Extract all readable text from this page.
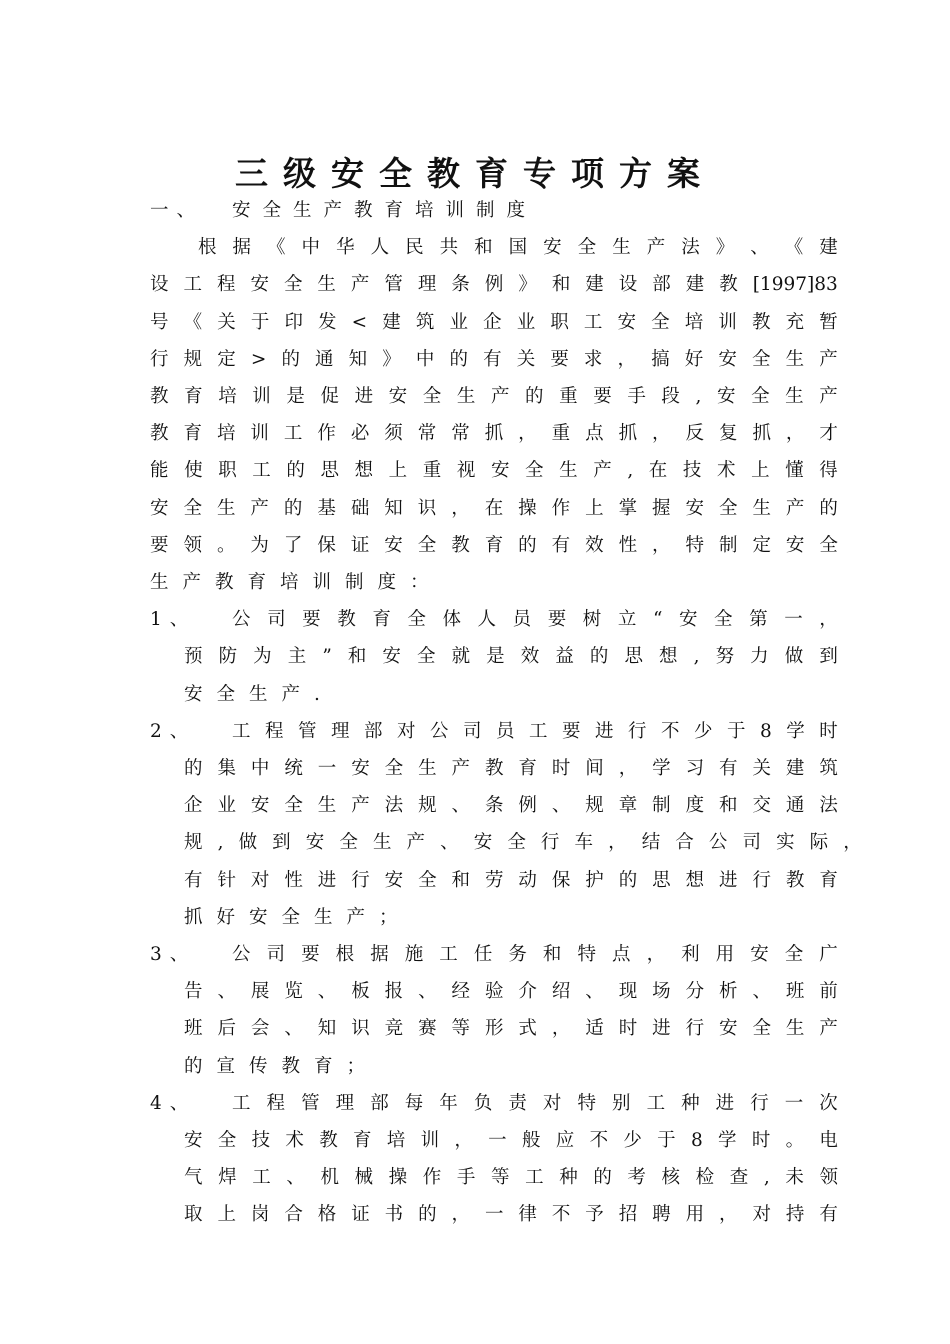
三级安全教育专项方案
一、 安全生产教育培训制度
根 据 《 中 华 人 民 共 和 国 安 全 生 产 法 》 、 《 建
设 工 程 安 全 生 产 管 理 条 例 》 和 建 设 部 建 教 [1997]83
号 《 关 于 印 发 < 建 筑 业 企 业 职 工 安 全 培 训 教 充 暂
行 规 定 > 的 通 知 》 中 的 有 关 要 求 ， 搞 好 安 全 生 产
教 育 培 训 是 促 进 安 全 生 产 的 重 要 手 段 , 安 全 生 产
教 育 培 训 工 作 必 须 常 常 抓 ， 重 点 抓 ， 反 复 抓 ， 才
能 使 职 工 的 思 想 上 重 视 安 全 生 产 , 在 技 术 上 懂 得
安 全 生 产 的 基 础 知 识 ， 在 操 作 上 掌 握 安 全 生 产 的
要 领 。 为 了 保 证 安 全 教 育 的 有 效 性 ， 特 制 定 安 全
生产教育培训制度：
1、 公 司 要 教 育 全 体 人 员 要 树 立 “ 安 全 第 一 ，
预 防 为 主 ” 和 安 全 就 是 效 益 的 思 想 , 努 力 做 到
安全生产.
2、 工 程 管 理 部 对 公 司 员 工 要 进 行 不 少 于 8 学 时
的 集 中 统 一 安 全 生 产 教 育 时 间 ， 学 习 有 关 建 筑
企 业 安 全 生 产 法 规 、 条 例 、 规 章 制 度 和 交 通 法
规 , 做 到 安 全 生 产 、 安 全 行 车 ， 结 合 公 司 实 际 ，
有 针 对 性 进 行 安 全 和 劳 动 保 护 的 思 想 进 行 教 育
抓好安全生产；
3、 公 司 要 根 据 施 工 任 务 和 特 点 ， 利 用 安 全 广
告 、 展 览 、 板 报 、 经 验 介 绍 、 现 场 分 析 、 班 前
班 后 会 、 知 识 竞 赛 等 形 式 ， 适 时 进 行 安 全 生 产
的宣传教育；
4、 工 程 管 理 部 每 年 负 责 对 特 别 工 种 进 行 一 次
安 全 技 术 教 育 培 训 ， 一 般 应 不 少 于 8 学 时 。 电
气 焊 工 、 机 械 操 作 手 等 工 种 的 考 核 检 查 , 未 领
取 上 岗 合 格 证 书 的 ， 一 律 不 予 招 聘 用 ， 对 持 有
